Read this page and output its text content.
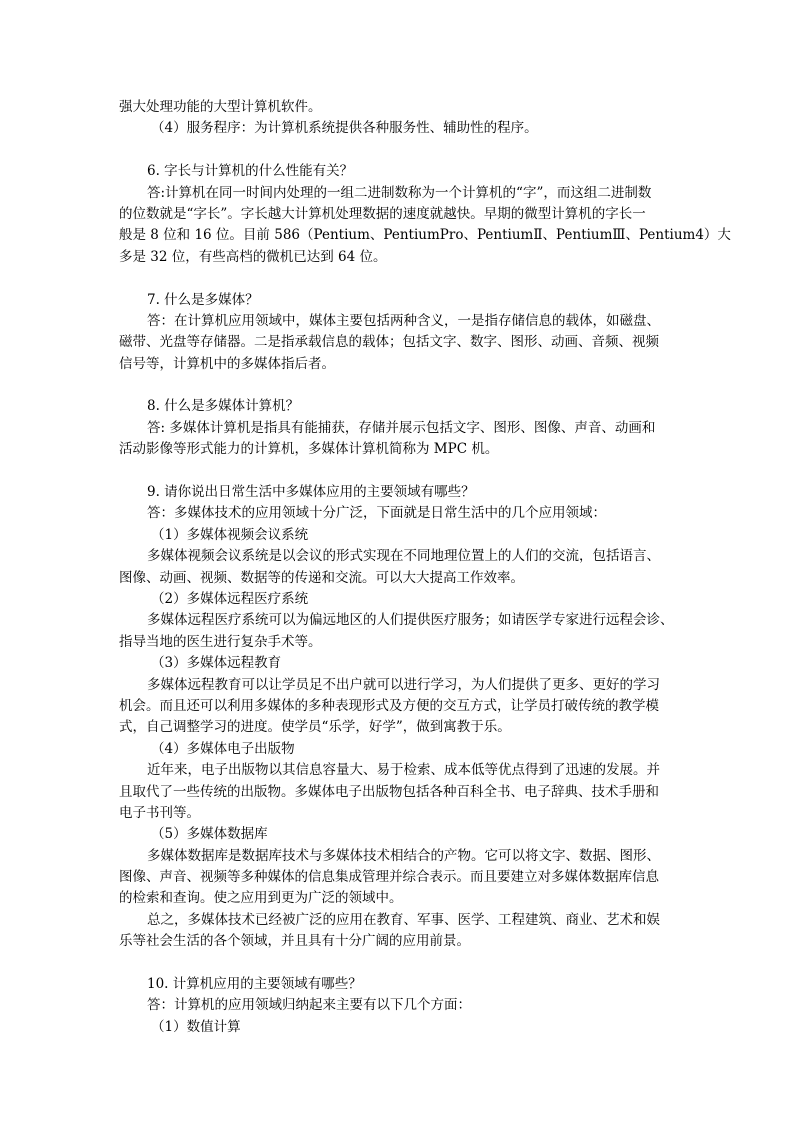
强大处理功能的大型计算机软件。
（4）服务程序：为计算机系统提供各种服务性、辅助性的程序。
6. 字长与计算机的什么性能有关？
答:计算机在同一时间内处理的一组二进制数称为一个计算机的“字”，而这组二进制数
的位数就是“字长”。字长越大计算机处理数据的速度就越快。早期的微型计算机的字长一
般是 8 位和 16 位。目前 586（Pentium、PentiumPro、PentiumⅡ、PentiumⅢ、Pentium4）大
多是 32 位，有些高档的微机已达到 64 位。
7. 什么是多媒体？
答：在计算机应用领域中，媒体主要包括两种含义，一是指存储信息的载体，如磁盘、
磁带、光盘等存储器。二是指承载信息的载体；包括文字、数字、图形、动画、音频、视频
信号等，计算机中的多媒体指后者。
8. 什么是多媒体计算机？
答: 多媒体计算机是指具有能捕获，存储并展示包括文字、图形、图像、声音、动画和
活动影像等形式能力的计算机，多媒体计算机简称为 MPC 机。
9. 请你说出日常生活中多媒体应用的主要领域有哪些？
答：多媒体技术的应用领域十分广泛，下面就是日常生活中的几个应用领域：
（1）多媒体视频会议系统
多媒体视频会议系统是以会议的形式实现在不同地理位置上的人们的交流，包括语言、
图像、动画、视频、数据等的传递和交流。可以大大提高工作效率。
（2）多媒体远程医疗系统
多媒体远程医疗系统可以为偏远地区的人们提供医疗服务；如请医学专家进行远程会诊、
指导当地的医生进行复杂手术等。
（3）多媒体远程教育
多媒体远程教育可以让学员足不出户就可以进行学习，为人们提供了更多、更好的学习
机会。而且还可以利用多媒体的多种表现形式及方便的交互方式，让学员打破传统的教学模
式，自己调整学习的进度。使学员“乐学，好学”，做到寓教于乐。
（4）多媒体电子出版物
近年来，电子出版物以其信息容量大、易于检索、成本低等优点得到了迅速的发展。并
且取代了一些传统的出版物。多媒体电子出版物包括各种百科全书、电子辞典、技术手册和
电子书刊等。
（5）多媒体数据库
多媒体数据库是数据库技术与多媒体技术相结合的产物。它可以将文字、数据、图形、
图像、声音、视频等多种媒体的信息集成管理并综合表示。而且要建立对多媒体数据库信息
的检索和查询。使之应用到更为广泛的领域中。
总之，多媒体技术已经被广泛的应用在教育、军事、医学、工程建筑、商业、艺术和娱
乐等社会生活的各个领域，并且具有十分广阔的应用前景。
10. 计算机应用的主要领域有哪些？
答：计算机的应用领域归纳起来主要有以下几个方面：
（1）数值计算
